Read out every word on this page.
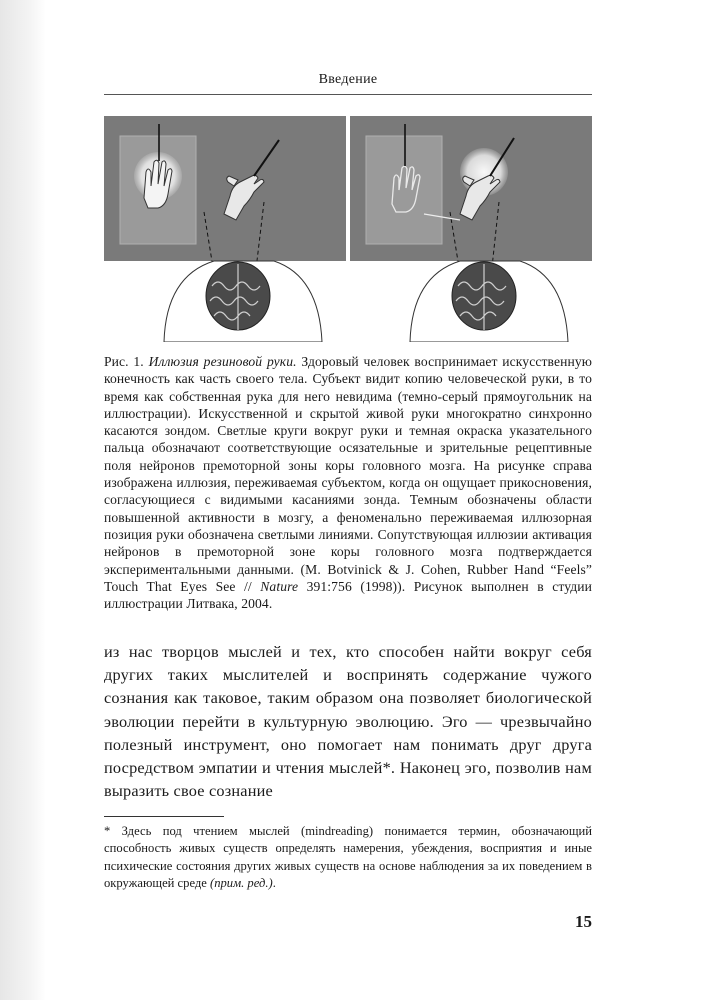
Введение
Рис. 1. Иллюзия резиновой руки. Здоровый человек воспринимает искусственную конечность как часть своего тела. Субъект видит копию человеческой руки, в то время как собственная рука для него невидима (темно-серый прямоугольник на иллюстрации). Искусственной и скрытой живой руки многократно синхронно касаются зондом. Светлые круги вокруг руки и темная окраска указательного пальца обозначают соответствующие осязательные и зрительные рецептивные поля нейронов премоторной зоны коры головного мозга. На рисунке справа изображена иллюзия, переживаемая субъектом, когда он ощущает прикосновения, согласующиеся с видимыми касаниями зонда. Темным обозначены области повышенной активности в мозгу, а феноменально переживаемая иллюзорная позиция руки обозначена светлыми линиями. Сопутствующая иллюзии активация нейронов в премоторной зоне коры головного мозга подтверждается экспериментальными данными. (M. Botvinick & J. Cohen, Rubber Hand “Feels” Touch That Eyes See // Nature 391:756 (1998)). Рисунок выполнен в студии иллюстрации Литвака, 2004.
из нас творцов мыслей и тех, кто способен найти вокруг себя других таких мыслителей и воспринять содержание чужого сознания как таковое, таким образом она позволяет биологической эволюции перейти в культурную эволюцию. Эго — чрезвычайно полезный инструмент, оно помогает нам понимать друг друга посредством эмпатии и чтения мыслей*. Наконец эго, позволив нам выразить свое сознание
* Здесь под чтением мыслей (mindreading) понимается термин, обозначающий способность живых существ определять намерения, убеждения, восприятия и иные психические состояния других живых существ на основе наблюдения за их поведением в окружающей среде (прим. ред.).
15
